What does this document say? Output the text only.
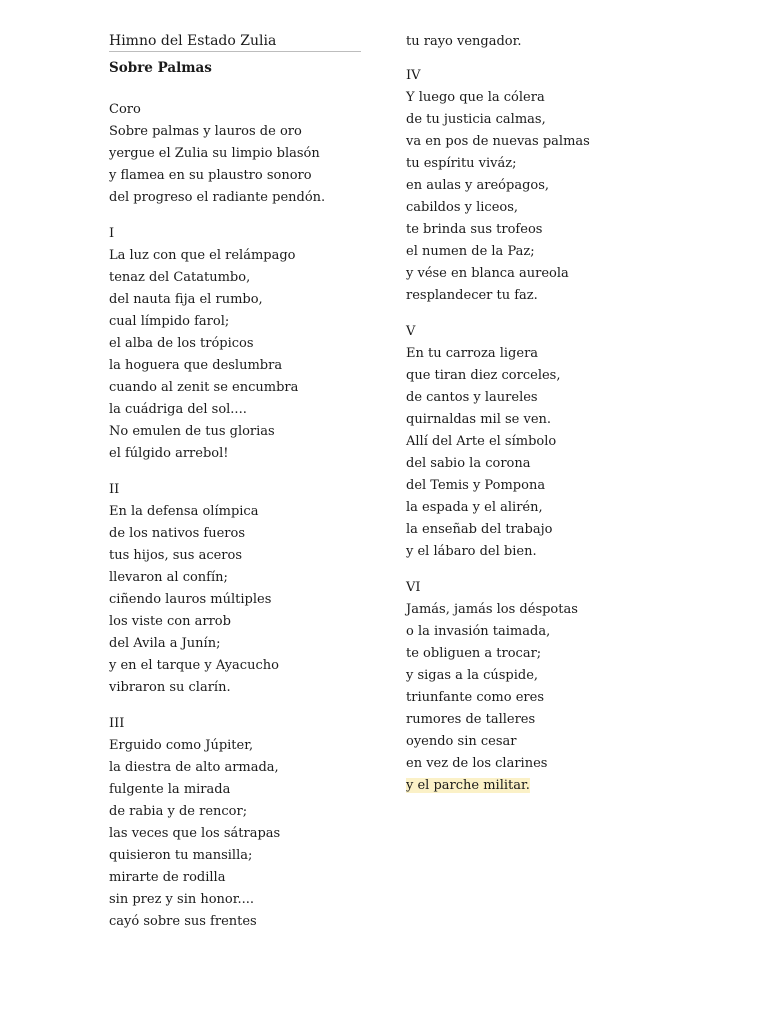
Himno del Estado Zulia
Sobre Palmas
Coro
Sobre palmas y lauros de oro
yergue el Zulia su limpio blasón
y flamea en su plaustro sonoro
del progreso el radiante pendón.
I
La luz con que el relámpago
tenaz del Catatumbo,
del nauta fija el rumbo,
cual límpido farol;
el alba de los trópicos
la hoguera que deslumbra
cuando al zenit se encumbra
la cuádriga del sol....
No emulen de tus glorias
el fúlgido arrebol!
II
En la defensa olímpica
de los nativos fueros
tus hijos, sus aceros
llevaron al confín;
ciñendo lauros múltiples
los viste con arrob
del Avila a Junín;
y en el tarque y Ayacucho
vibraron su clarín.
III
Erguido como Júpiter,
la diestra de alto armada,
fulgente la mirada
de rabia y de rencor;
las veces que los sátrapas
quisieron tu mansilla;
mirarte de rodilla
sin prez y sin honor....
cayó sobre sus frentes
tu rayo vengador.
IV
Y luego que la cólera
de tu justicia calmas,
va en pos de nuevas palmas
tu espíritu viváz;
en aulas y areópagos,
cabildos y liceos,
te brinda sus trofeos
el numen de la Paz;
y vése en blanca aureola
resplandecer tu faz.
V
En tu carroza ligera
que tiran diez corceles,
de cantos y laureles
quirnaldas mil se ven.
Allí del Arte el símbolo
del sabio la corona
del Temis y Pompona
la espada y el alirén,
la enseñab del trabajo
y el lábaro del bien.
VI
Jamás, jamás los déspotas
o la invasión taimada,
te obliguen a trocar;
y sigas a la cúspide,
triunfante como eres
rumores de talleres
oyendo sin cesar
en vez de los clarines
y el parche militar.
